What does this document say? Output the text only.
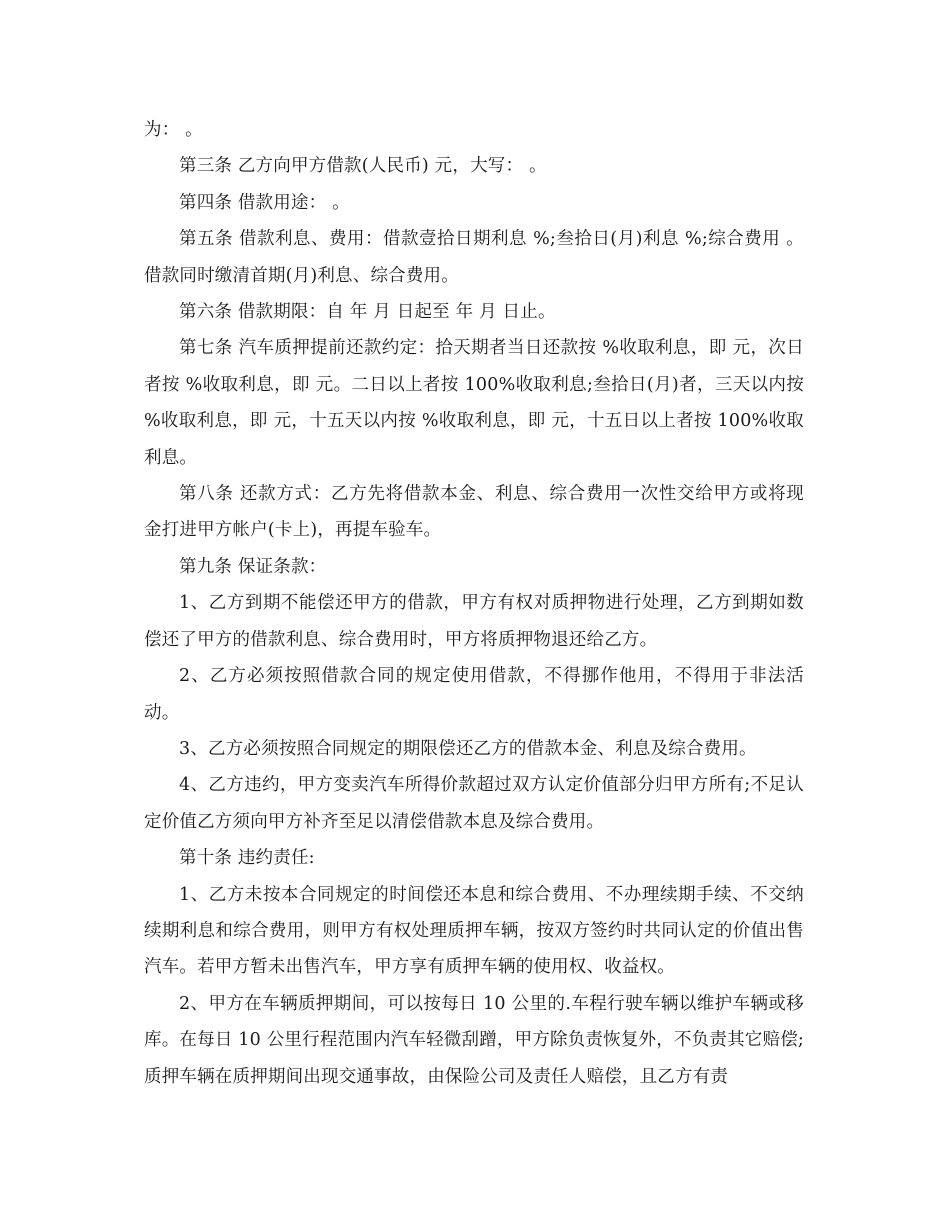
为： 。
第三条 乙方向甲方借款(人民币) 元，大写： 。
第四条 借款用途： 。
第五条 借款利息、费用：借款壹拾日期利息 %;叁拾日(月)利息 %;综合费用 。借款同时缴清首期(月)利息、综合费用。
第六条 借款期限：自 年 月 日起至 年 月 日止。
第七条 汽车质押提前还款约定：拾天期者当日还款按 %收取利息，即 元，次日者按 %收取利息，即 元。二日以上者按 100%收取利息;叁拾日(月)者，三天以内按 %收取利息，即 元，十五天以内按 %收取利息，即 元，十五日以上者按 100%收取利息。
第八条 还款方式：乙方先将借款本金、利息、综合费用一次性交给甲方或将现金打进甲方帐户(卡上)，再提车验车。
第九条 保证条款：
1、乙方到期不能偿还甲方的借款，甲方有权对质押物进行处理，乙方到期如数偿还了甲方的借款利息、综合费用时，甲方将质押物退还给乙方。
2、乙方必须按照借款合同的规定使用借款，不得挪作他用，不得用于非法活动。
3、乙方必须按照合同规定的期限偿还乙方的借款本金、利息及综合费用。
4、乙方违约，甲方变卖汽车所得价款超过双方认定价值部分归甲方所有;不足认定价值乙方须向甲方补齐至足以清偿借款本息及综合费用。
第十条 违约责任:
1、乙方未按本合同规定的时间偿还本息和综合费用、不办理续期手续、不交纳续期利息和综合费用，则甲方有权处理质押车辆，按双方签约时共同认定的价值出售汽车。若甲方暂未出售汽车，甲方享有质押车辆的使用权、收益权。
2、甲方在车辆质押期间，可以按每日 10 公里的.车程行驶车辆以维护车辆或移库。在每日 10 公里行程范围内汽车轻微刮蹭，甲方除负责恢复外，不负责其它赔偿;质押车辆在质押期间出现交通事故，由保险公司及责任人赔偿，且乙方有责
